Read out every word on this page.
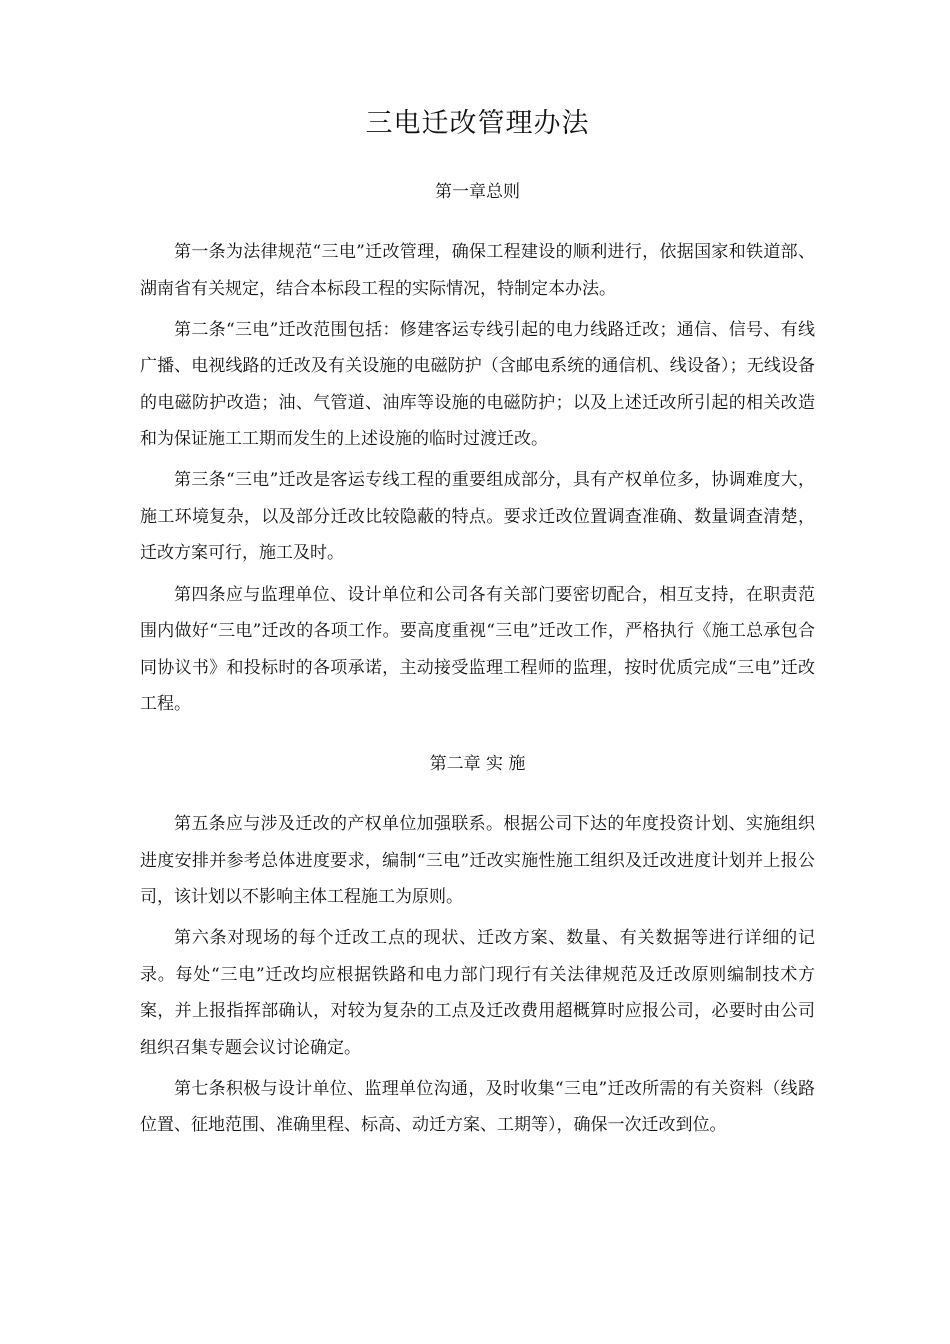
三电迁改管理办法
第一章总则

第一条为法律规范“三电”迁改管理，确保工程建设的顺利进行，依据国家和铁道部、湖南省有关规定，结合本标段工程的实际情况，特制定本办法。

第二条“三电”迁改范围包括：修建客运专线引起的电力线路迁改；通信、信号、有线广播、电视线路的迁改及有关设施的电磁防护（含邮电系统的通信机、线设备）；无线设备的电磁防护改造；油、气管道、油库等设施的电磁防护；以及上述迁改所引起的相关改造和为保证施工工期而发生的上述设施的临时过渡迁改。

第三条“三电”迁改是客运专线工程的重要组成部分，具有产权单位多，协调难度大，施工环境复杂，以及部分迁改比较隐蔽的特点。要求迁改位置调查准确、数量调查清楚，迁改方案可行，施工及时。

第四条应与监理单位、设计单位和公司各有关部门要密切配合，相互支持，在职责范围内做好“三电”迁改的各项工作。要高度重视“三电”迁改工作，严格执行《施工总承包合同协议书》和投标时的各项承诺，主动接受监理工程师的监理，按时优质完成“三电”迁改工程。

第二章 实 施

第五条应与涉及迁改的产权单位加强联系。根据公司下达的年度投资计划、实施组织进度安排并参考总体进度要求，编制“三电”迁改实施性施工组织及迁改进度计划并上报公司，该计划以不影响主体工程施工为原则。

第六条对现场的每个迁改工点的现状、迁改方案、数量、有关数据等进行详细的记录。每处“三电”迁改均应根据铁路和电力部门现行有关法律规范及迁改原则编制技术方案，并上报指挥部确认，对较为复杂的工点及迁改费用超概算时应报公司，必要时由公司组织召集专题会议讨论确定。

第七条积极与设计单位、监理单位沟通，及时收集“三电”迁改所需的有关资料（线路位置、征地范围、准确里程、标高、动迁方案、工期等），确保一次迁改到位。
